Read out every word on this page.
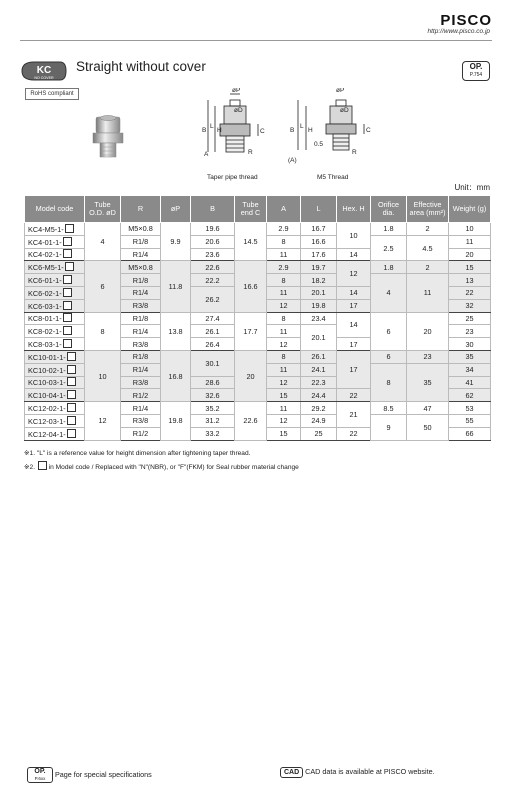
PISCO
http://www.pisco.co.jp
KC
NO COVER
Straight without cover	OP.
P.754
RoHS compliant	øP
øD
øP
øD
B
L
H	C
A	R
B
L
H	C
0.5
(A)
R
Taper pipe thread	M5 Thread
Unit：mm
Model code	Tube O.D. øD	R	øP	B	Tube end C	A	L	Hex. H	Orifice dia.	Effective area (mm²)	Weight (g)
KC4-M5-1-	4	M5×0.8	9.9	19.6	14.5	2.9	16.7	10	1.8	2	10
KC4-01-1-		R1/8		20.6		8	16.6		2.5	4.5	11
KC4-02-1-		R1/4		23.6		11	17.6	14			20
KC6-M5-1-	6	M5×0.8	11.8	22.6	16.6	2.9	19.7	12	1.8	2	15
KC6-01-1-		R1/8		22.2		8	18.2		4	11	13
KC6-02-1-		R1/4		26.2		11	20.1	14			22
KC6-03-1-		R3/8				12	19.8	17			32
KC8-01-1-	8	R1/8	13.8	27.4	17.7	8	23.4	14	6	20	25
KC8-02-1-		R1/4		26.1		11	20.1				23
KC8-03-1-		R3/8		26.4		12		17			30
KC10-01-1-	10	R1/8	16.8	30.1	20	8	26.1	17	6	23	35
KC10-02-1-		R1/4				11	24.1		8	35	34
KC10-03-1-		R3/8		28.6		12	22.3				41
KC10-04-1-		R1/2		32.6		15	24.4	22			62
KC12-02-1-	12	R1/4	19.8	35.2	22.6	11	29.2	21	8.5	47	53
KC12-03-1-		R3/8		31.2		12	24.9		9	50	55
KC12-04-1-		R1/2		33.2		15	25	22			66
※1. "L" is a reference value for height dimension after tightening taper thread.
※2.  in Model code / Replaced with "N"(NBR), or "F"(FKM) for Seal rubber material change
OP.
P.6xx	Page for special specifications	CAD CAD data is available at PISCO website.
